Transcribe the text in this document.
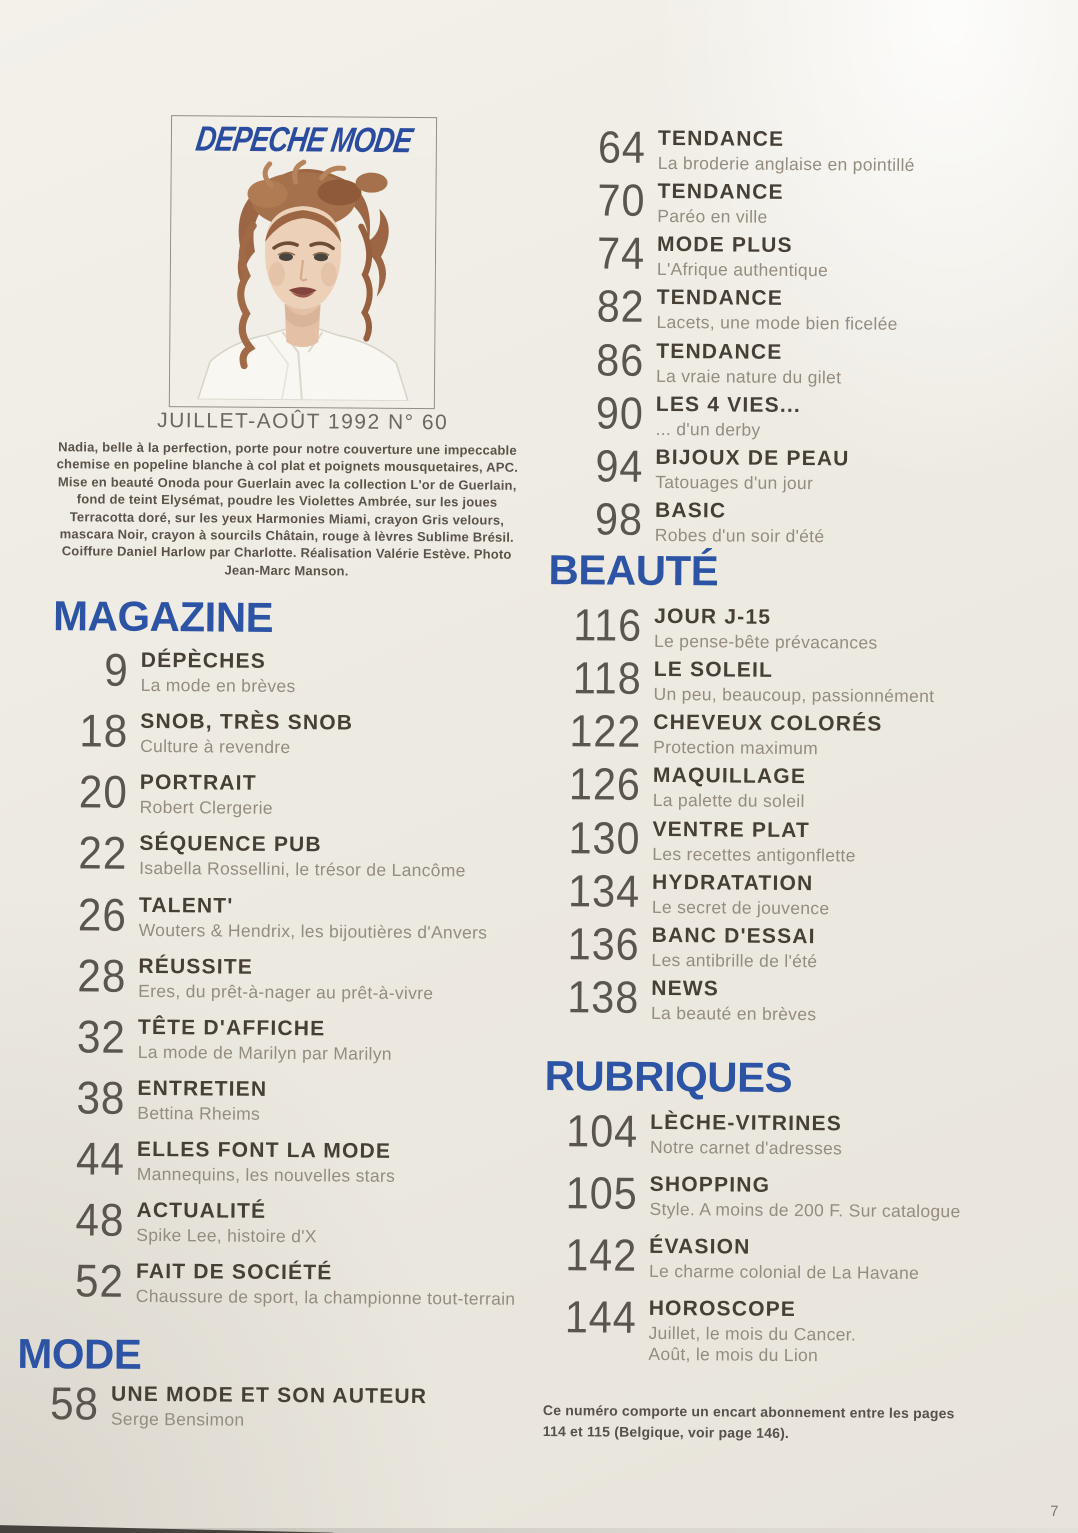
DEPECHE MODE
JUILLET-AOÛT 1992 N° 60
Nadia, belle à la perfection, porte pour notre couverture une impeccable chemise en popeline blanche à col plat et poignets mousquetaires, APC. Mise en beauté Onoda pour Guerlain avec la collection L'or de Guerlain, fond de teint Elysémat, poudre les Violettes Ambrée, sur les joues Terracotta doré, sur les yeux Harmonies Miami, crayon Gris velours, mascara Noir, crayon à sourcils Châtain, rouge à lèvres Sublime Brésil. Coiffure Daniel Harlow par Charlotte. Réalisation Valérie Estève. Photo Jean-Marc Manson.
MAGAZINE
9 DÉPÈCHES
La mode en brèves
18 SNOB, TRÈS SNOB
Culture à revendre
20 PORTRAIT
Robert Clergerie
22 SÉQUENCE PUB
Isabella Rossellini, le trésor de Lancôme
26 TALENT'
Wouters & Hendrix, les bijoutières d'Anvers
28 RÉUSSITE
Eres, du prêt-à-nager au prêt-à-vivre
32 TÊTE D'AFFICHE
La mode de Marilyn par Marilyn
38 ENTRETIEN
Bettina Rheims
44 ELLES FONT LA MODE
Mannequins, les nouvelles stars
48 ACTUALITÉ
Spike Lee, histoire d'X
52 FAIT DE SOCIÉTÉ
Chaussure de sport, la championne tout-terrain
MODE
58 UNE MODE ET SON AUTEUR
Serge Bensimon
64 TENDANCE
La broderie anglaise en pointillé
70 TENDANCE
Paréo en ville
74 MODE PLUS
L'Afrique authentique
82 TENDANCE
Lacets, une mode bien ficelée
86 TENDANCE
La vraie nature du gilet
90 LES 4 VIES...
... d'un derby
94 BIJOUX DE PEAU
Tatouages d'un jour
98 BASIC
Robes d'un soir d'été
BEAUTÉ
116 JOUR J-15
Le pense-bête prévacances
118 LE SOLEIL
Un peu, beaucoup, passionnément
122 CHEVEUX COLORÉS
Protection maximum
126 MAQUILLAGE
La palette du soleil
130 VENTRE PLAT
Les recettes antigonflette
134 HYDRATATION
Le secret de jouvence
136 BANC D'ESSAI
Les antibrille de l'été
138 NEWS
La beauté en brèves
RUBRIQUES
104 LÈCHE-VITRINES
Notre carnet d'adresses
105 SHOPPING
Style. A moins de 200 F. Sur catalogue
142 ÉVASION
Le charme colonial de La Havane
144 HOROSCOPE
Juillet, le mois du Cancer.
Août, le mois du Lion
Ce numéro comporte un encart abonnement entre les pages 114 et 115 (Belgique, voir page 146).
7
